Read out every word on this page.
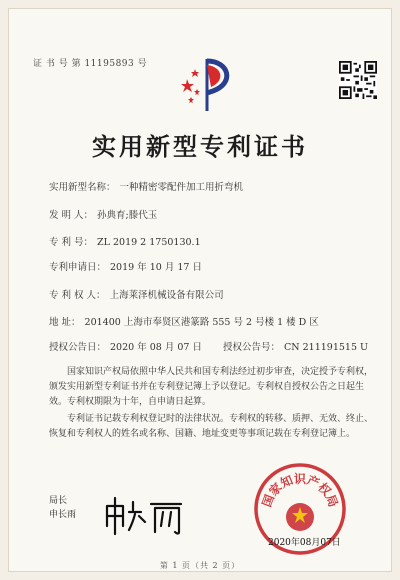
证 书 号 第 11195893 号
实用新型专利证书
实用新型名称： 一种精密零配件加工用折弯机
发 明 人： 孙典育;滕代玉
专 利 号： ZL 2019 2 1750130.1
专利申请日： 2019 年 10 月 17 日
专 利 权 人： 上海莱泽机械设备有限公司
地 址： 201400 上海市奉贤区港篆路 555 号 2 号楼 1 楼 D 区
授权公告日： 2020 年 08 月 07 日 授权公告号： CN 211191515 U

国家知识产权局依照中华人民共和国专利法经过初步审查，决定授予专利权，颁发实用新型专利证书并在专利登记簿上予以登记。专利权自授权公告之日起生效。专利权期限为十年，自申请日起算。

专利证书记载专利权登记时的法律状况。专利权的转移、质押、无效、终止、恢复和专利权人的姓名或名称、国籍、地址变更等事项记载在专利登记簿上。

局长
申长雨
国家知识产权局
2020年08月07日
第 1 页（共 2 页）
